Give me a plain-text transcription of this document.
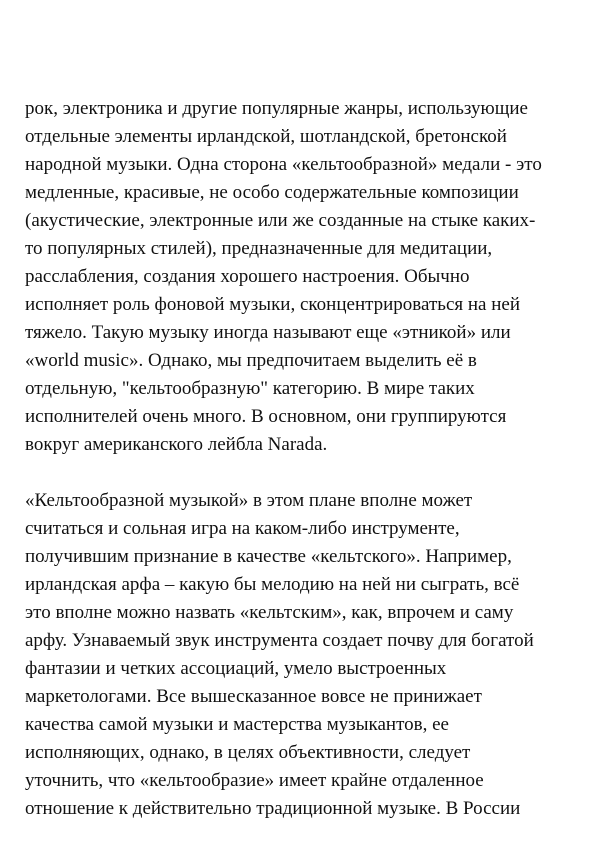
рок, электроника и другие популярные жанры, использующие
отдельные элементы ирландской, шотландской, бретонской
народной музыки. Одна сторона «кельтообразной» медали - это
медленные, красивые, не особо содержательные композиции
(акустические, электронные или же созданные на стыке каких-
то популярных стилей), предназначенные для медитации,
расслабления, создания хорошего настроения. Обычно
исполняет роль фоновой музыки, сконцентрироваться на ней
тяжело. Такую музыку иногда называют еще «этникой» или
«world music». Однако, мы предпочитаем выделить её в
отдельную, "кельтообразную" категорию. В мире таких
исполнителей очень много. В основном, они группируются
вокруг американского лейбла Narada.
«Кельтообразной музыкой» в этом плане вполне может
считаться и сольная игра на каком-либо инструменте,
получившим признание в качестве «кельтского». Например,
ирландская арфа – какую бы мелодию на ней ни сыграть, всё
это вполне можно назвать «кельтским», как, впрочем и саму
арфу. Узнаваемый звук инструмента создает почву для богатой
фантазии и четких ассоциаций, умело выстроенных
маркетологами. Все вышесказанное вовсе не принижает
качества самой музыки и мастерства музыкантов, ее
исполняющих, однако, в целях объективности, следует
уточнить, что «кельтообразие» имеет крайне отдаленное
отношение к действительно традиционной музыке. В России
